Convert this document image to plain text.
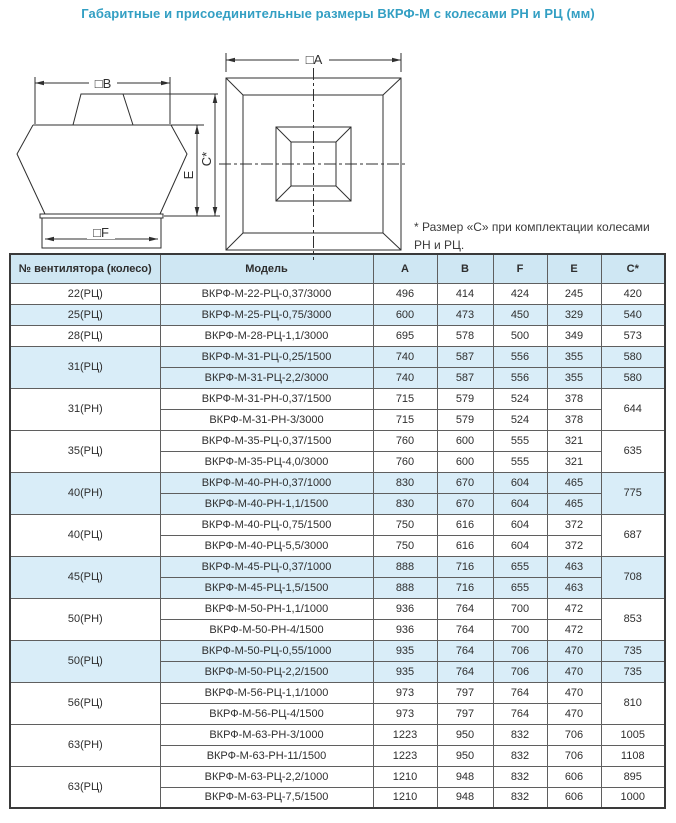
Габаритные и присоединительные размеры ВКРФ-М с колесами РН и РЦ (мм)
□B
□F
E
C*
□A
* Размер «С» при комплектации колесами
РН и РЦ.
№ вентилятора (колесо)	Модель	A	B	F	E	C*
22(РЦ)	ВКРФ-М-22-РЦ-0,37/3000	496	414	424	245	420
25(РЦ)	ВКРФ-М-25-РЦ-0,75/3000	600	473	450	329	540
28(РЦ)	ВКРФ-М-28-РЦ-1,1/3000	695	578	500	349	573
31(РЦ)	ВКРФ-М-31-РЦ-0,25/1500	740	587	556	355	580
	ВКРФ-М-31-РЦ-2,2/3000	740	587	556	355	580
31(РН)	ВКРФ-М-31-РН-0,37/1500	715	579	524	378	644
	ВКРФ-М-31-РН-3/3000	715	579	524	378	
35(РЦ)	ВКРФ-М-35-РЦ-0,37/1500	760	600	555	321	635
	ВКРФ-М-35-РЦ-4,0/3000	760	600	555	321	
40(РН)	ВКРФ-М-40-РН-0,37/1000	830	670	604	465	775
	ВКРФ-М-40-РН-1,1/1500	830	670	604	465	
40(РЦ)	ВКРФ-М-40-РЦ-0,75/1500	750	616	604	372	687
	ВКРФ-М-40-РЦ-5,5/3000	750	616	604	372	
45(РЦ)	ВКРФ-М-45-РЦ-0,37/1000	888	716	655	463	708
	ВКРФ-М-45-РЦ-1,5/1500	888	716	655	463	
50(РН)	ВКРФ-М-50-РН-1,1/1000	936	764	700	472	853
	ВКРФ-М-50-РН-4/1500	936	764	700	472	
50(РЦ)	ВКРФ-М-50-РЦ-0,55/1000	935	764	706	470	735
	ВКРФ-М-50-РЦ-2,2/1500	935	764	706	470	735
56(РЦ)	ВКРФ-М-56-РЦ-1,1/1000	973	797	764	470	810
	ВКРФ-М-56-РЦ-4/1500	973	797	764	470	
63(РН)	ВКРФ-М-63-РН-3/1000	1223	950	832	706	1005
	ВКРФ-М-63-РН-11/1500	1223	950	832	706	1108
63(РЦ)	ВКРФ-М-63-РЦ-2,2/1000	1210	948	832	606	895
	ВКРФ-М-63-РЦ-7,5/1500	1210	948	832	606	1000
